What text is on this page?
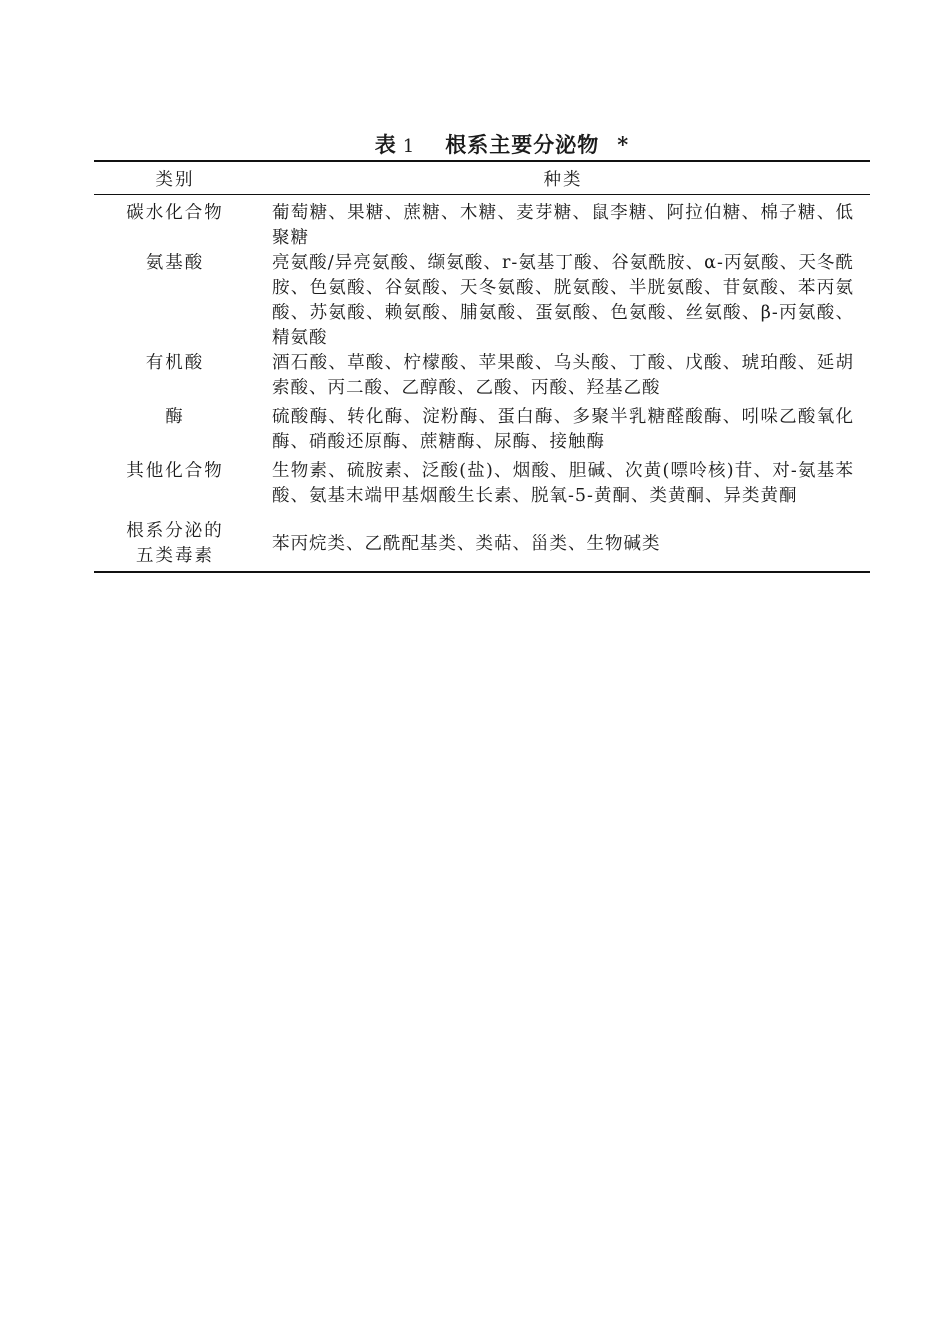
表 1 根系主要分泌物 *
类别	种类
碳水化合物	葡萄糖、果糖、蔗糖、木糖、麦芽糖、鼠李糖、阿拉伯糖、棉子糖、低聚糖
氨基酸	亮氨酸/异亮氨酸、缬氨酸、r-氨基丁酸、谷氨酰胺、α-丙氨酸、天冬酰胺、色氨酸、谷氨酸、天冬氨酸、胱氨酸、半胱氨酸、苷氨酸、苯丙氨酸、苏氨酸、赖氨酸、脯氨酸、蛋氨酸、色氨酸、丝氨酸、β-丙氨酸、精氨酸
有机酸	酒石酸、草酸、柠檬酸、苹果酸、乌头酸、丁酸、戊酸、琥珀酸、延胡索酸、丙二酸、乙醇酸、乙酸、丙酸、羟基乙酸
酶	硫酸酶、转化酶、淀粉酶、蛋白酶、多聚半乳糖醛酸酶、吲哚乙酸氧化酶、硝酸还原酶、蔗糖酶、尿酶、接触酶
其他化合物	生物素、硫胺素、泛酸(盐)、烟酸、胆碱、次黄(嘌呤核)苷、对-氨基苯酸、氨基末端甲基烟酸生长素、脱氧-5-黄酮、类黄酮、异类黄酮

根系分泌的
五类毒素	苯丙烷类、乙酰配基类、类萜、甾类、生物碱类
